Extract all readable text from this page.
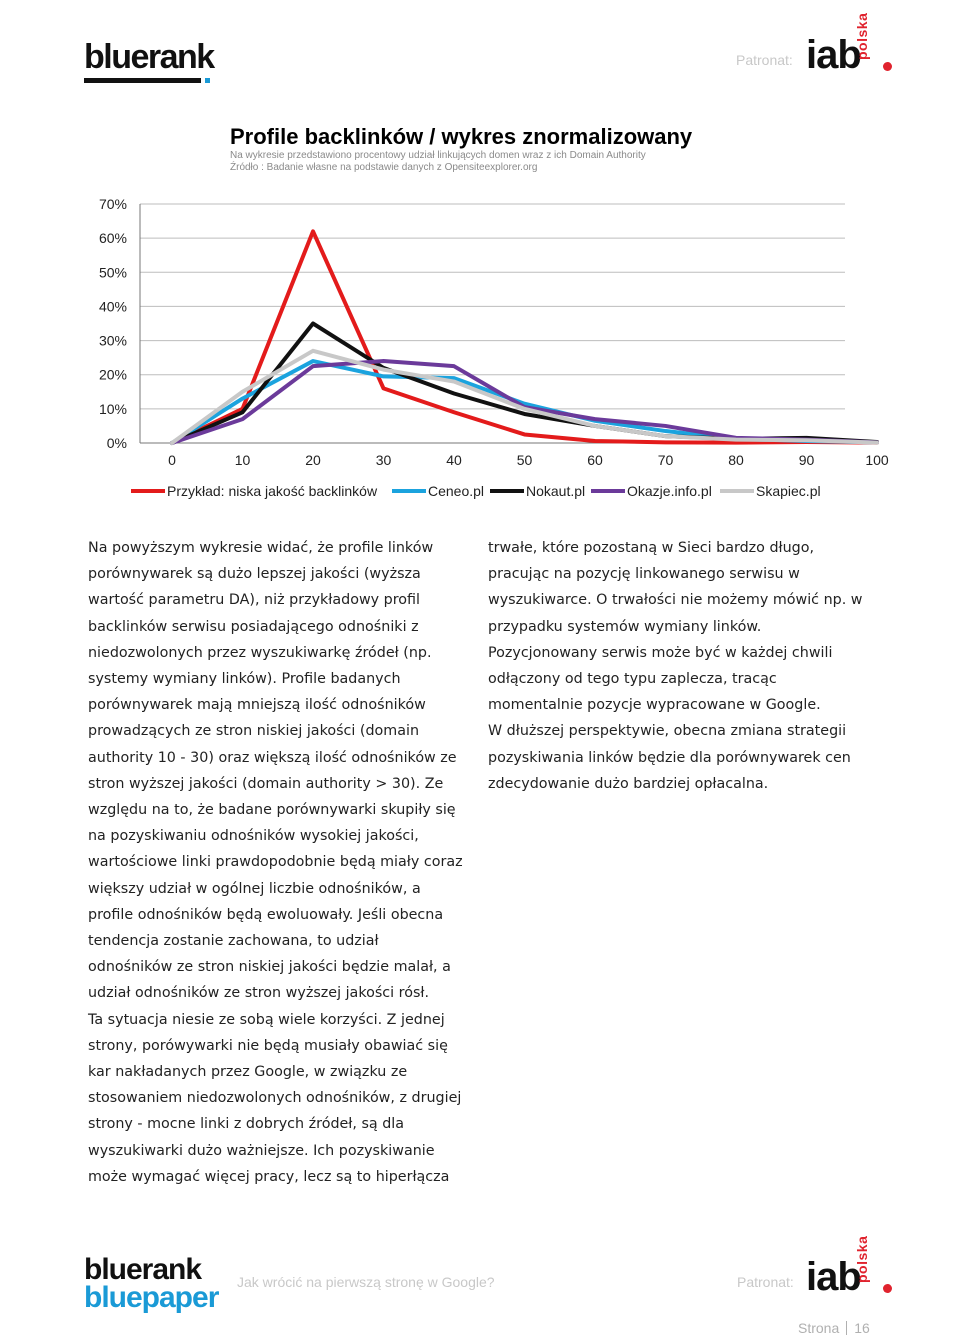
bluerank	Patronat: iab
polska
Profile backlinków / wykres znormalizowany
Na wykresie przedstawiono procentowy udział linkujących domen wraz z ich Domain Authority
Źródło : Badanie własne na podstawie danych z Opensiteexplorer.org
0%
10%
20%
30%
40%
50%
60%
70%
0	10	20	30	40	50	60	70	80	90	100
Przykład: niska jakość backlinków	Ceneo.pl	Nokaut.pl	Okazje.info.pl	Skapiec.pl

Na powyższym wykresie widać, że profile linków

porównywarek są dużo lepszej jakości (wyższa

wartość parametru DA), niż przykładowy profil

backlinków serwisu posiadającego odnośniki z

niedozwolonych przez wyszukiwarkę źródeł (np.

systemy wymiany linków). Profile badanych

porównywarek mają mniejszą ilość odnośników

prowadzących ze stron niskiej jakości (domain

authority 10 - 30) oraz większą ilość odnośników ze

stron wyższej jakości (domain authority > 30). Ze

względu na to, że badane porównywarki skupiły się

na pozyskiwaniu odnośników wysokiej jakości,

wartościowe linki prawdopodobnie będą miały coraz

większy udział w ogólnej liczbie odnośników, a

profile odnośników będą ewoluowały. Jeśli obecna

tendencja zostanie zachowana, to udział

odnośników ze stron niskiej jakości będzie malał, a

udział odnośników ze stron wyższej jakości rósł.

Ta sytuacja niesie ze sobą wiele korzyści. Z jednej

strony, porówywarki nie będą musiały obawiać się

kar nakładanych przez Google, w związku ze

stosowaniem niedozwolonych odnośników, z drugiej

strony - mocne linki z dobrych źródeł, są dla

wyszukiwarki dużo ważniejsze. Ich pozyskiwanie

może wymagać więcej pracy, lecz są to hiperłącza

trwałe, które pozostaną w Sieci bardzo długo,

pracując na pozycję linkowanego serwisu w

wyszukiwarce. O trwałości nie możemy mówić np. w

przypadku systemów wymiany linków.

Pozycjonowany serwis może być w każdej chwili

odłączony od tego typu zaplecza, tracąc

momentalnie pozycje wypracowane w Google.

W dłuższej perspektywie, obecna zmiana strategii

pozyskiwania linków będzie dla porównywarek cen

zdecydowanie dużo bardziej opłacalna.

bluerank
bluepaper Jak wrócić na pierwszą stronę w Google?	Patronat: iab
polska
Strona 16
